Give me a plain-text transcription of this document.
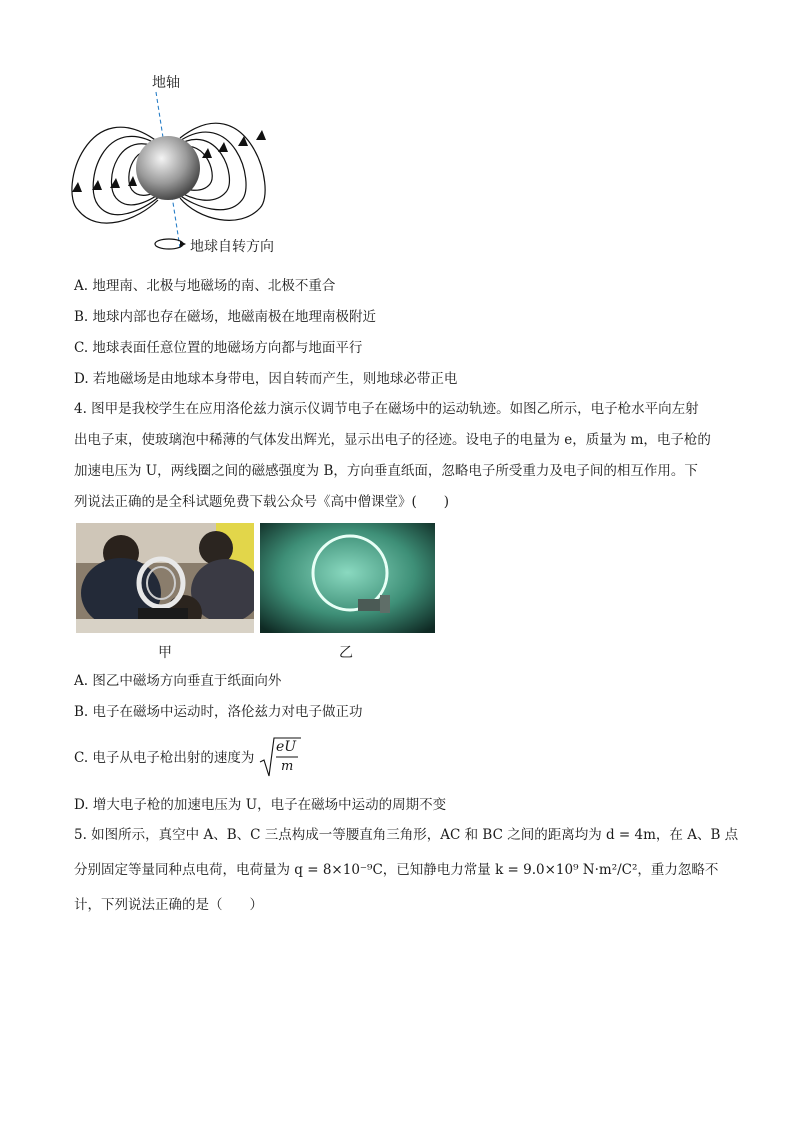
地轴
地球自转方向
A. 地理南、北极与地磁场的南、北极不重合
B. 地球内部也存在磁场，地磁南极在地理南极附近
C. 地球表面任意位置的地磁场方向都与地面平行
D. 若地磁场是由地球本身带电，因自转而产生，则地球必带正电
4. 图甲是我校学生在应用洛伦兹力演示仪调节电子在磁场中的运动轨迹。如图乙所示，电子枪水平向左射
出电子束，使玻璃泡中稀薄的气体发出辉光，显示出电子的径迹。设电子的电量为 e，质量为 m，电子枪的
加速电压为 U，两线圈之间的磁感强度为 B，方向垂直纸面，忽略电子所受重力及电子间的相互作用。下
列说法正确的是全科试题免费下载公众号《高中僧课堂》(　　)
甲	乙
A. 图乙中磁场方向垂直于纸面向外
B. 电子在磁场中运动时，洛伦兹力对电子做正功
C. 电子从电子枪出射的速度为
eU
m
D. 增大电子枪的加速电压为 U，电子在磁场中运动的周期不变
5. 如图所示，真空中 A、B、C 三点构成一等腰直角三角形，AC 和 BC 之间的距离均为 d = 4m，在 A、B 点
分别固定等量同种点电荷，电荷量为 q = 8×10⁻⁹C，已知静电力常量 k = 9.0×10⁹ N·m²/C²，重力忽略不
计，下列说法正确的是（　　）
